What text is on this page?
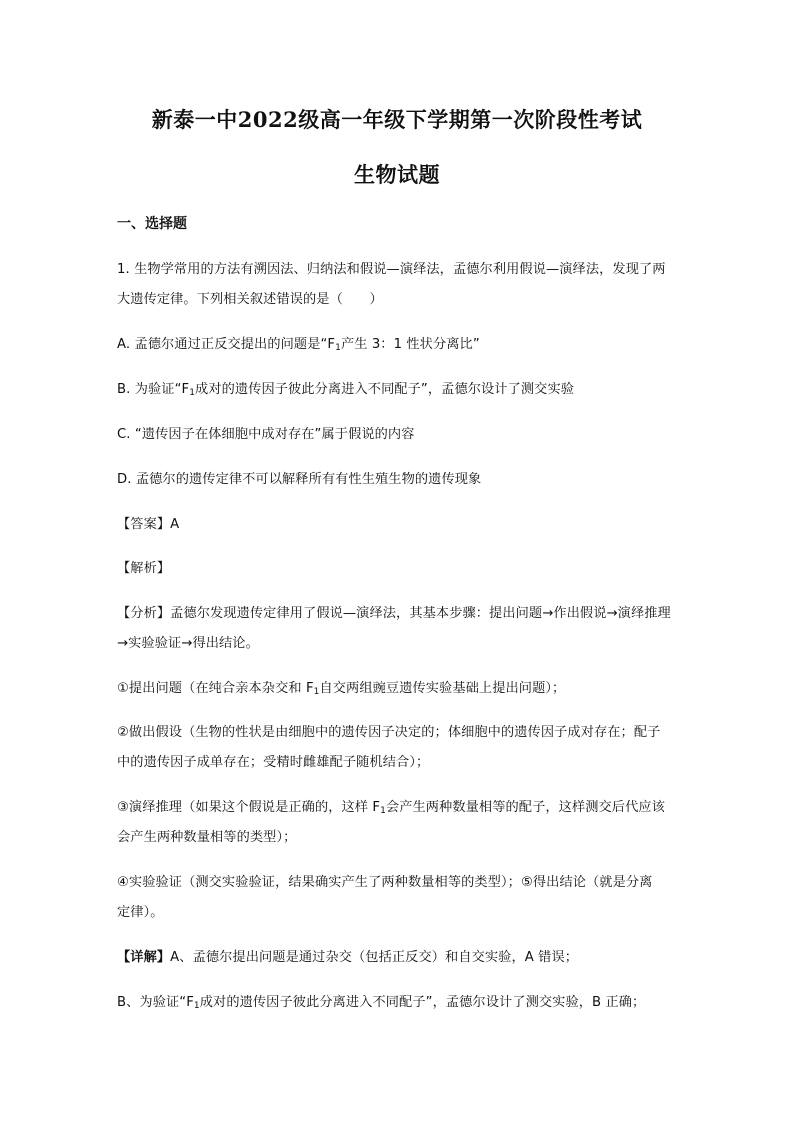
新泰一中2022级高一年级下学期第一次阶段性考试
生物试题
一、选择题
1. 生物学常用的方法有溯因法、归纳法和假说—演绎法，孟德尔利用假说—演绎法，发现了两
大遗传定律。下列相关叙述错误的是（　　）
A. 孟德尔通过正反交提出的问题是“$F_1$产生 3：1 性状分离比”
B. 为验证“$F_1$成对的遗传因子彼此分离进入不同配子”，孟德尔设计了测交实验
C. “遗传因子在体细胞中成对存在”属于假说的内容
D. 孟德尔的遗传定律不可以解释所有有性生殖生物的遗传现象
【答案】A
【解析】
【分析】孟德尔发现遗传定律用了假说—演绎法，其基本步骤：提出问题→作出假说→演绎推理
→实验验证→得出结论。
①提出问题（在纯合亲本杂交和 $F_1$自交两组豌豆遗传实验基础上提出问题）；
②做出假设（生物的性状是由细胞中的遗传因子决定的；体细胞中的遗传因子成对存在；配子
中的遗传因子成单存在；受精时雌雄配子随机结合）；
③演绎推理（如果这个假说是正确的，这样 $F_1$会产生两种数量相等的配子，这样测交后代应该
会产生两种数量相等的类型）；
④实验验证（测交实验验证，结果确实产生了两种数量相等的类型）；⑤得出结论（就是分离
定律）。
【详解】A、孟德尔提出问题是通过杂交（包括正反交）和自交实验，A 错误；
B、为验证“$F_1$成对的遗传因子彼此分离进入不同配子”，孟德尔设计了测交实验，B 正确；
